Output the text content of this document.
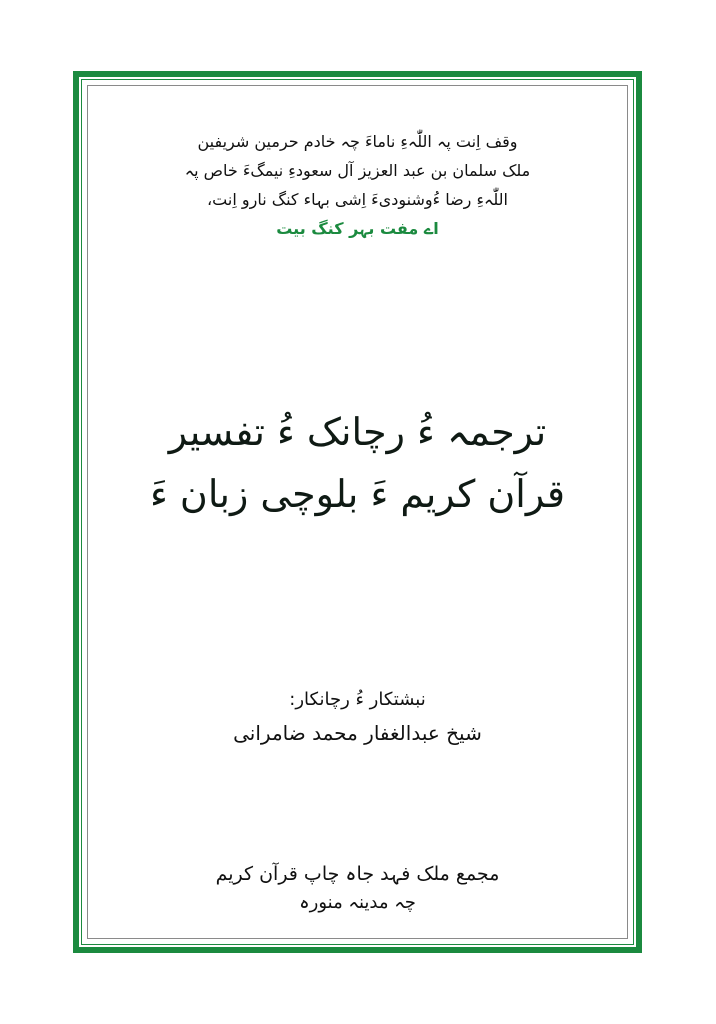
وقف اِنت پہ اللّٰہءِ ناماءَ چہ خادم حرمین شریفین
ملک سلمان بن عبد العزیز آل سعودءِ نیمگءَ خاص پہ
اللّٰہءِ رضا ءُوشنودیءَ اِشی بہاء کنگ نارو اِنت،
اے مفت بہر کنگ بیت
ترجمہ ءُ رچانک ءُ تفسیر
قرآن کریم ءَ بلوچی زبان ءَ
نبشتکار ءُ رچانکار:
شیخ عبدالغفار محمد ضامرانی
مجمع ملک فہد جاہ چاپ قرآن کریم
چہ مدینہ منورہ
